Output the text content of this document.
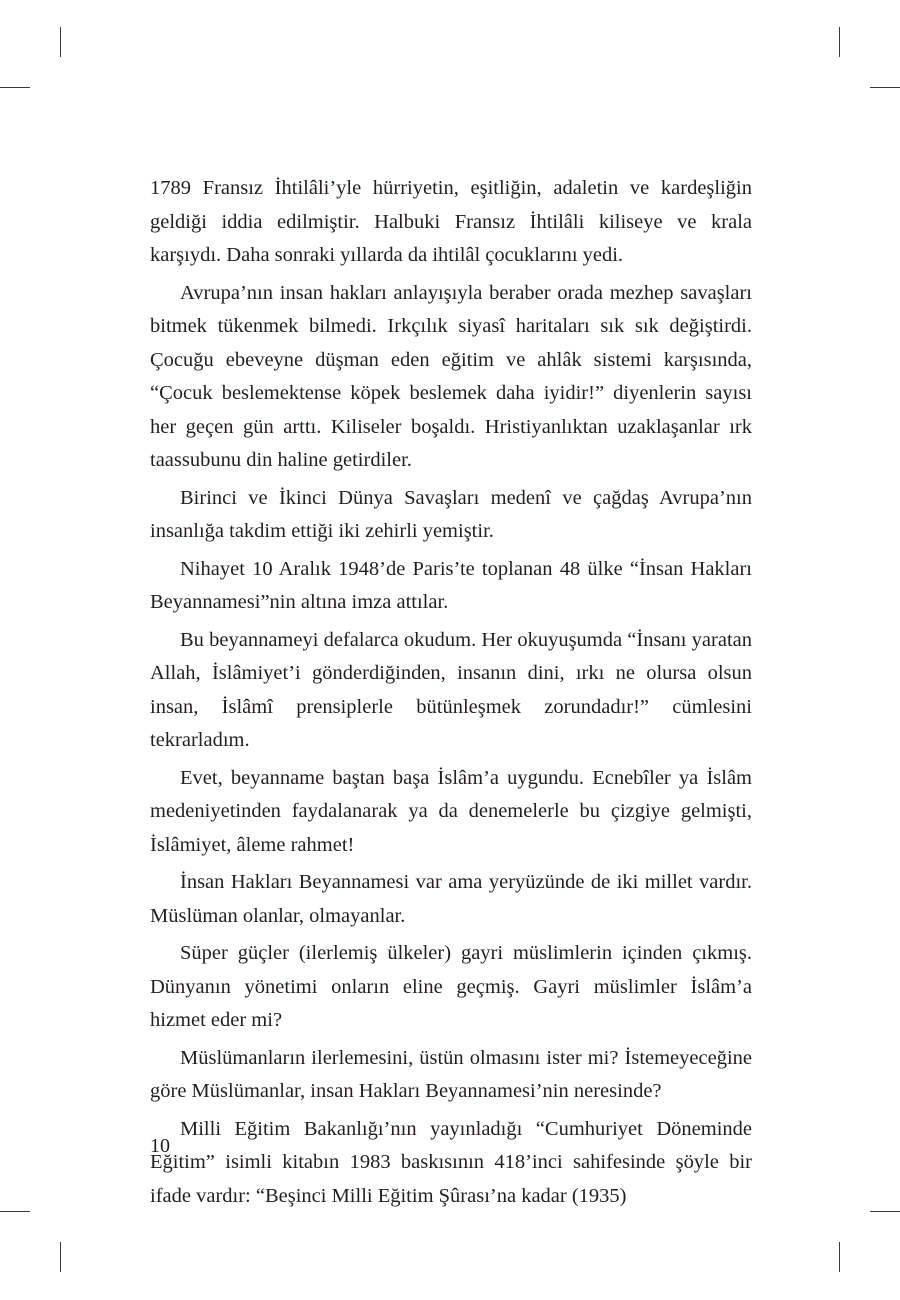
1789 Fransız İhtilâli’yle hürriyetin, eşitliğin, adaletin ve kardeşliğin geldiği iddia edilmiştir. Halbuki Fransız İhtilâli kiliseye ve krala karşıydı. Daha sonraki yıllarda da ihtilâl çocuklarını yedi.

Avrupa’nın insan hakları anlayışıyla beraber orada mezhep savaşları bitmek tükenmek bilmedi. Irkçılık siyasî haritaları sık sık değiştirdi. Çocuğu ebeveyne düşman eden eğitim ve ahlâk sistemi karşısında, “Çocuk beslemektense köpek beslemek daha iyidir!” diyenlerin sayısı her geçen gün arttı. Kiliseler boşaldı. Hristiyanlıktan uzaklaşanlar ırk taassubunu din haline getirdiler.

Birinci ve İkinci Dünya Savaşları medenî ve çağdaş Avrupa’nın insanlığa takdim ettiği iki zehirli yemiştir.

Nihayet 10 Aralık 1948’de Paris’te toplanan 48 ülke “İnsan Hakları Beyannamesi”nin altına imza attılar.

Bu beyannameyi defalarca okudum. Her okuyuşumda “İnsanı yaratan Allah, İslâmiyet’i gönderdiğinden, insanın dini, ırkı ne olursa olsun insan, İslâmî prensiplerle bütünleşmek zorundadır!” cümlesini tekrarladım.

Evet, beyanname baştan başa İslâm’a uygundu. Ecnebîler ya İslâm medeniyetinden faydalanarak ya da denemelerle bu çizgiye gelmişti, İslâmiyet, âleme rahmet!

İnsan Hakları Beyannamesi var ama yeryüzünde de iki millet vardır. Müslüman olanlar, olmayanlar.

Süper güçler (ilerlemiş ülkeler) gayri müslimlerin içinden çıkmış. Dünyanın yönetimi onların eline geçmiş. Gayri müslimler İslâm’a hizmet eder mi?

Müslümanların ilerlemesini, üstün olmasını ister mi? İstemeyeceğine göre Müslümanlar, insan Hakları Beyannamesi’nin neresinde?

Milli Eğitim Bakanlığı’nın yayınladığı “Cumhuriyet Döneminde Eğitim” isimli kitabın 1983 baskısının 418’inci sahifesinde şöyle bir ifade vardır: “Beşinci Milli Eğitim Şûrası’na kadar (1935)

10
